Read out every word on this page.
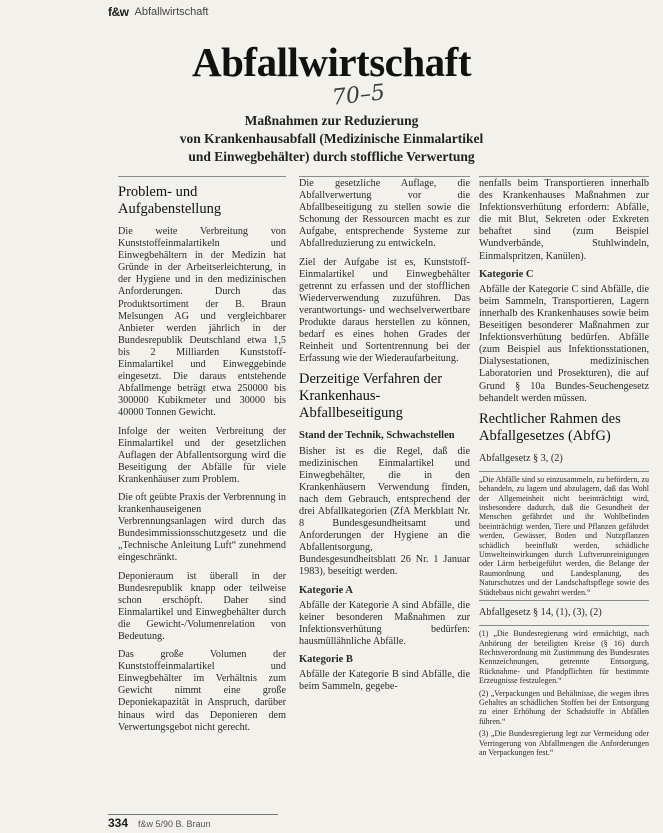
f&w Abfallwirtschaft
Abfallwirtschaft
70–5
Maßnahmen zur Reduzierung
von Krankenhausabfall (Medizinische Einmalartikel
und Einwegbehälter) durch stoffliche Verwertung
Problem- und Aufgabenstellung

Die weite Verbreitung von Kunststoffeinmalartikeln und Einwegbehältern in der Medizin hat Gründe in der Arbeitserleichterung, in der Hygiene und in den medizinischen Anforderungen. Durch das Produktsortiment der B. Braun Melsungen AG und vergleichbarer Anbieter werden jährlich in der Bundesrepublik Deutschland etwa 1,5 bis 2 Milliarden Kunststoff-Einmalartikel und Einweggebinde eingesetzt. Die daraus entstehende Abfallmenge beträgt etwa 250000 bis 300000 Kubikmeter und 30000 bis 40000 Tonnen Gewicht.

Infolge der weiten Verbreitung der Einmalartikel und der gesetzlichen Auflagen der Abfallentsorgung wird die Beseitigung der Abfälle für viele Krankenhäuser zum Problem.

Die oft geübte Praxis der Verbrennung in krankenhauseigenen Verbrennungsanlagen wird durch das Bundesimmissionsschutzgesetz und die „Technische Anleitung Luft“ zunehmend eingeschränkt.

Deponieraum ist überall in der Bundesrepublik knapp oder teilweise schon erschöpft. Daher sind Einmalartikel und Einwegbehälter durch die Gewicht-/Volumenrelation von Bedeutung.

Das große Volumen der Kunststoffeinmalartikel und Einwegbehälter im Verhältnis zum Gewicht nimmt eine große Deponiekapazität in Anspruch, darüber hinaus wird das Deponieren dem Verwertungsgebot nicht gerecht.

Die gesetzliche Auflage, die Abfallverwertung vor die Abfallbeseitigung zu stellen sowie die Schonung der Ressourcen macht es zur Aufgabe, entsprechende Systeme zur Abfallreduzierung zu entwickeln.

Ziel der Aufgabe ist es, Kunststoff-Einmalartikel und Einwegbehälter getrennt zu erfassen und der stofflichen Wiederverwendung zuzuführen. Das verantwortungs- und wechselverwertbare Produkte daraus herstellen zu können, bedarf es eines hohen Grades der Reinheit und Sortentrennung bei der Erfassung wie der Wiederaufarbeitung.

Derzeitige Verfahren der Krankenhaus-Abfallbeseitigung
Stand der Technik, Schwachstellen

Bisher ist es die Regel, daß die medizinischen Einmalartikel und Einwegbehälter, die in den Krankenhäusern Verwendung finden, nach dem Gebrauch, entsprechend der drei Abfallkategorien (ZfA Merkblatt Nr. 8 Bundesgesundheitsamt und Anforderungen der Hygiene an die Abfallentsorgung, Bundesgesundheitsblatt 26 Nr. 1 Januar 1983), beseitigt werden.

Kategorie A

Abfälle der Kategorie A sind Abfälle, die keiner besonderen Maßnahmen zur Infektionsverhütung bedürfen: hausmüllähnliche Abfälle.

Kategorie B

Abfälle der Kategorie B sind Abfälle, die beim Sammeln, gegebe-

nenfalls beim Transportieren innerhalb des Krankenhauses Maßnahmen zur Infektionsverhütung erfordern: Abfälle, die mit Blut, Sekreten oder Exkreten behaftet sind (zum Beispiel Wundverbände, Stuhlwindeln, Einmalspritzen, Kanülen).

Kategorie C

Abfälle der Kategorie C sind Abfälle, die beim Sammeln, Transportieren, Lagern innerhalb des Krankenhauses sowie beim Beseitigen besonderer Maßnahmen zur Infektionsverhütung bedürfen. Abfälle (zum Beispiel aus Infektionsstationen, Dialysestationen, medizinischen Laboratorien und Prosekturen), die auf Grund § 10a Bundes-Seuchengesetz behandelt werden müssen.

Rechtlicher Rahmen des Abfallgesetzes (AbfG)

Abfallgesetz § 3, (2)

„Die Abfälle sind so einzusammeln, zu befördern, zu behandeln, zu lagern und abzulagern, daß das Wohl der Allgemeinheit nicht beeinträchtigt wird, insbesondere dadurch, daß die Gesundheit der Menschen gefährdet und ihr Wohlbefinden beeinträchtigt werden, Tiere und Pflanzen gefährdet werden, Gewässer, Boden und Nutzpflanzen schädlich beeinflußt werden, schädliche Umwelteinwirkungen durch Luftverunreinigungen oder Lärm herbeigeführt werden, die Belange der Raumordnung und Landesplanung, des Naturschutzes und der Landschaftspflege sowie des Städtebaus nicht gewahrt werden.“

Abfallgesetz § 14, (1), (3), (2)

(1) „Die Bundesregierung wird ermächtigt, nach Anhörung der beteiligten Kreise (§ 16) durch Rechtsverordnung mit Zustimmung des Bundesrates Kennzeichnungen, getrennte Entsorgung, Rücknahme- und Pfandpflichten für bestimmte Erzeugnisse festzulegen.“

(2) „Verpackungen und Behältnisse, die wegen ihres Gehaltes an schädlichen Stoffen bei der Entsorgung zu einer Erhöhung der Schadstoffe in Abfällen führen.“

(3) „Die Bundesregierung legt zur Vermeidung oder Verringerung von Abfallmengen die Anforderungen an Verpackungen fest.“

334 f&w 5/90 B. Braun
